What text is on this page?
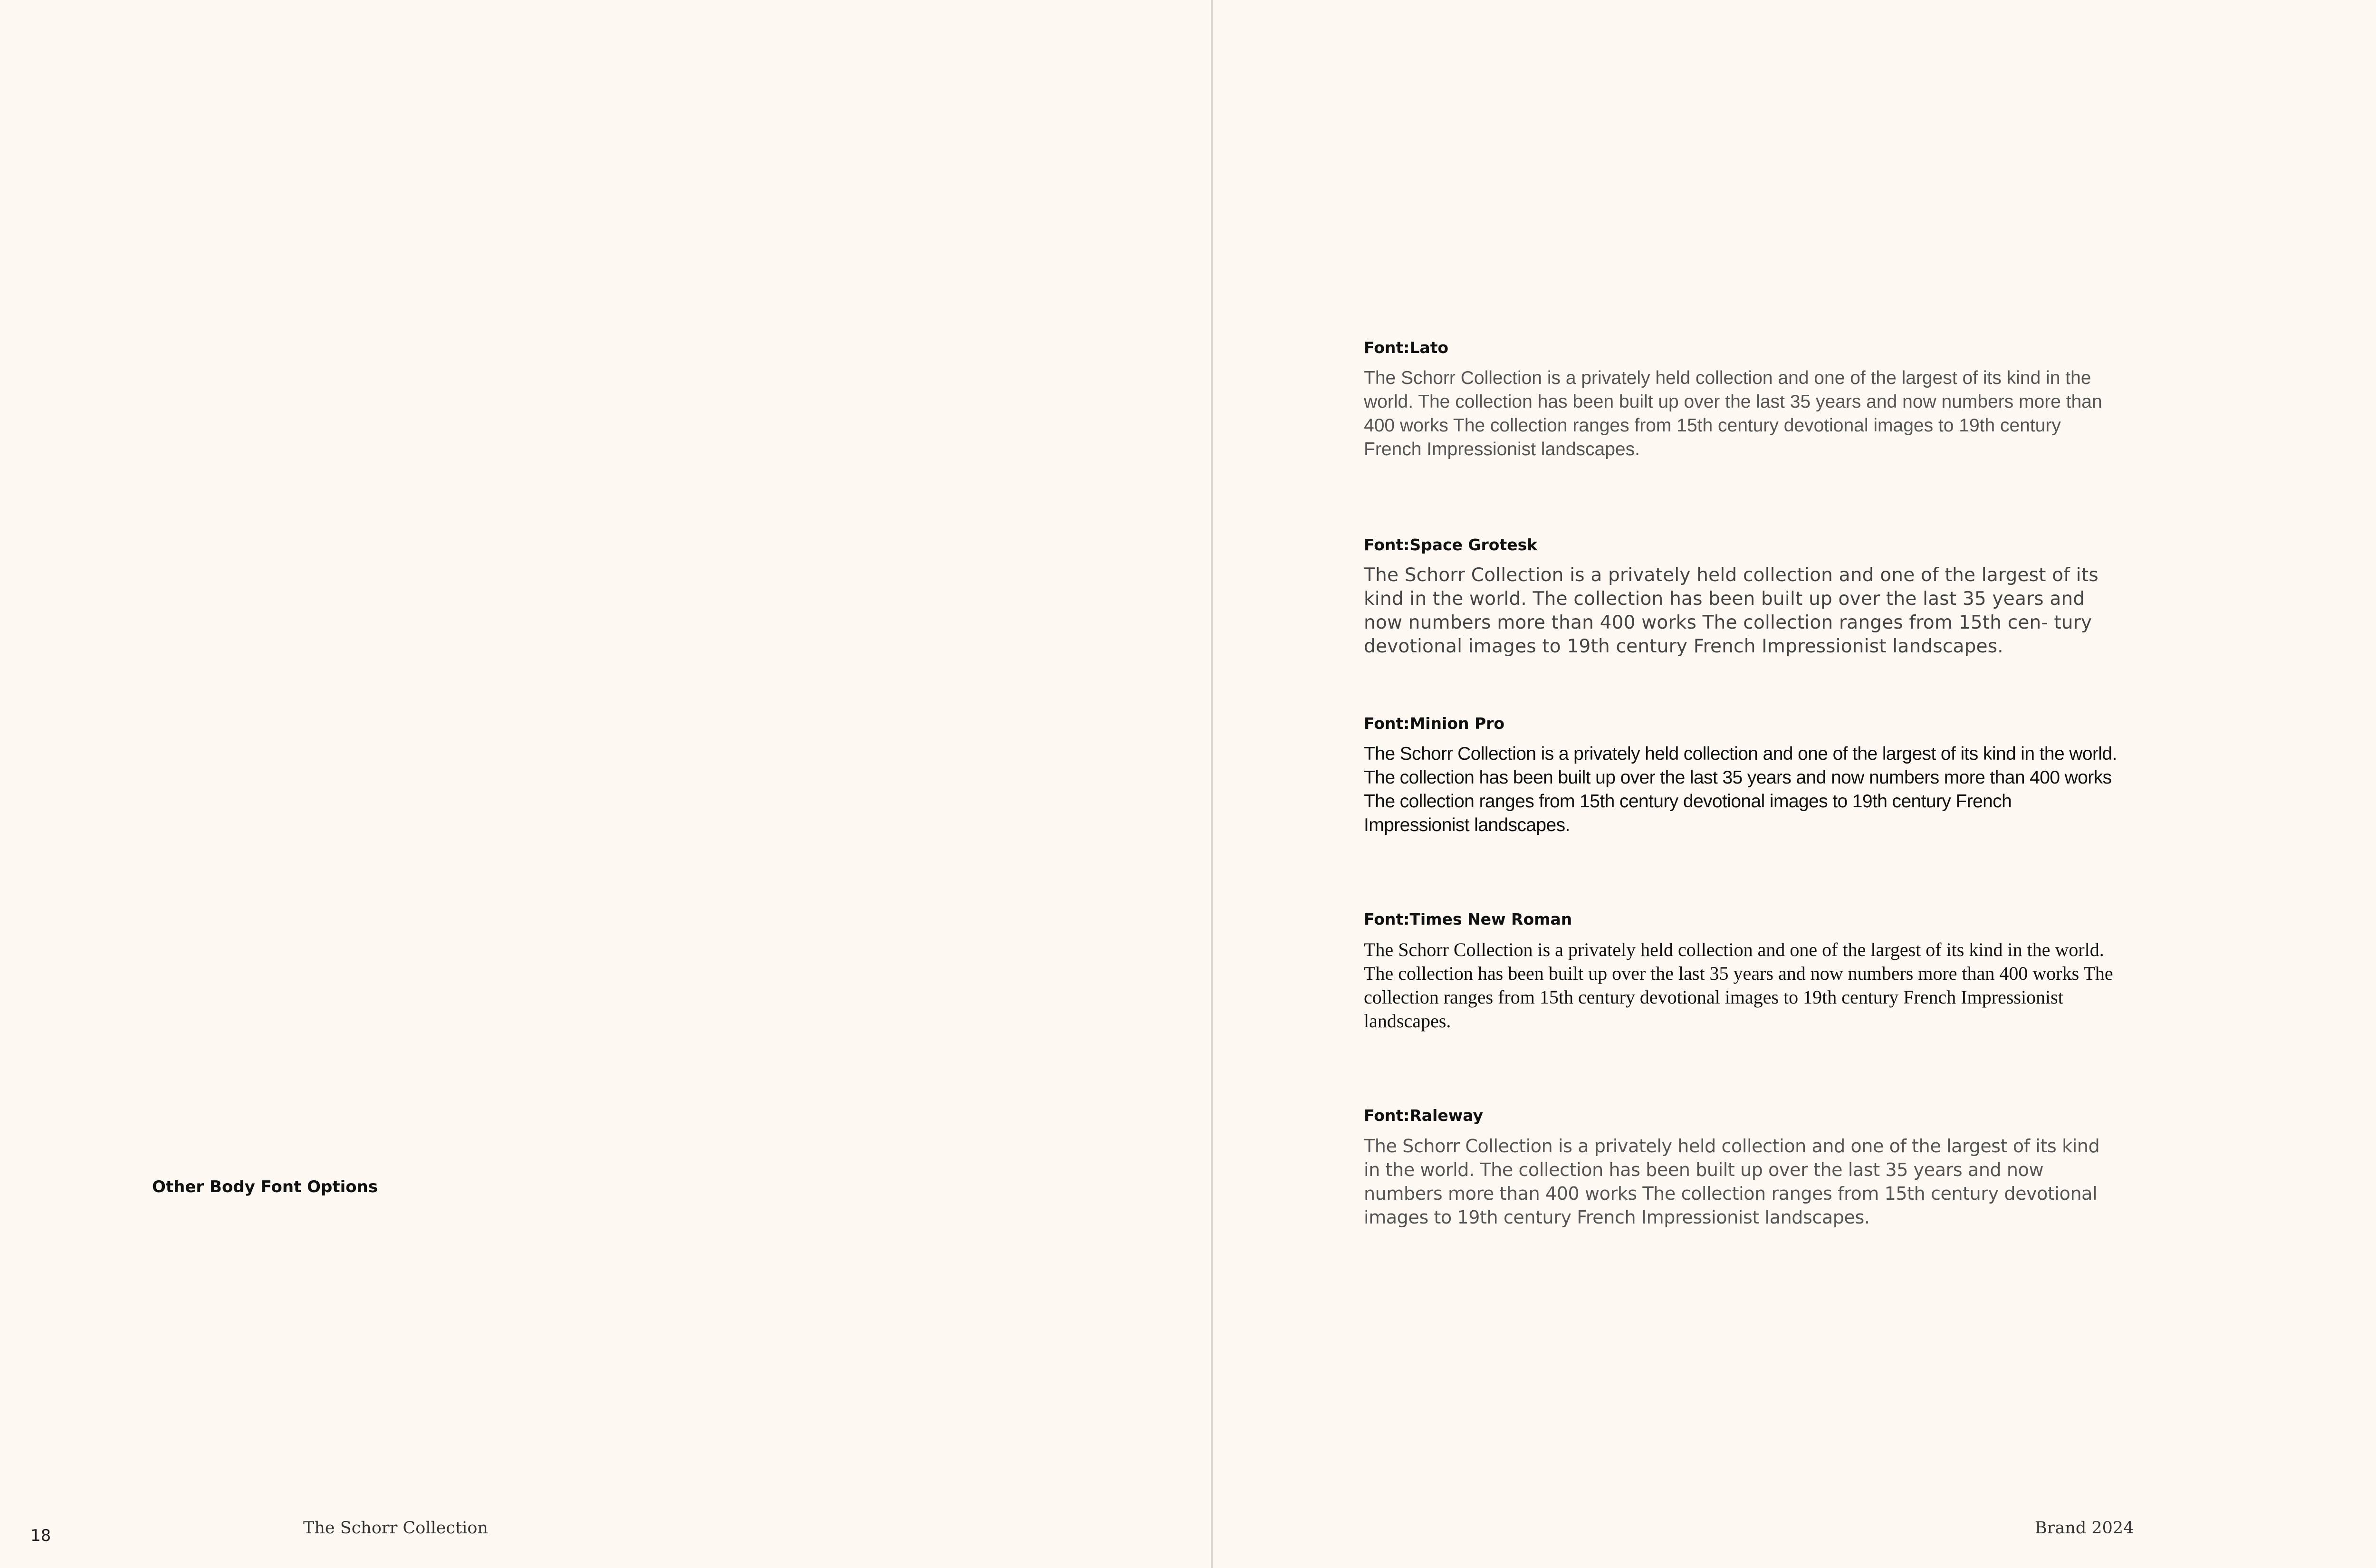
Other Body Font Options
18	The Schorr Collection
Font:Lato

The Schorr Collection is a privately held collection and one of the largest of its kind in the world. The collection has been built up over the last 35 years and now numbers more than 400 works The collection ranges from 15th century devotional images to 19th century French Impressionist landscapes.

Font:Space Grotesk

The Schorr Collection is a privately held collection and one of the largest of its kind in the world. The collection has been built up over the last 35 years and now numbers more than 400 works The collection ranges from 15th cen- tury devotional images to 19th century French Impressionist landscapes.

Font:Minion Pro

The Schorr Collection is a privately held collection and one of the largest of its kind in the world. The collection has been built up over the last 35 years and now numbers more than 400 works The collection ranges from 15th century devotional images to 19th century French Impressionist landscapes.

Font:Times New Roman

The Schorr Collection is a privately held collection and one of the largest of its kind in the world. The collection has been built up over the last 35 years and now numbers more than 400 works The collection ranges from 15th century devotional images to 19th century French Impressionist landscapes.

Font:Raleway

The Schorr Collection is a privately held collection and one of the largest of its kind in the world. The collection has been built up over the last 35 years and now numbers more than 400 works The collection ranges from 15th century devotional images to 19th century French Impressionist landscapes.

Brand 2024
